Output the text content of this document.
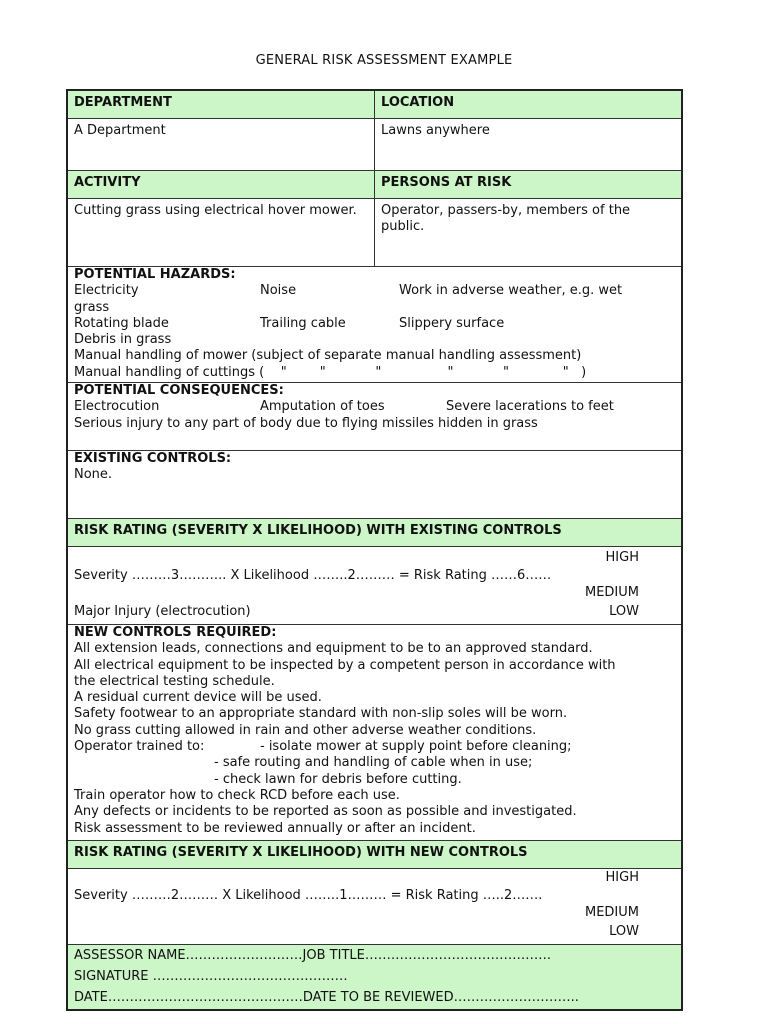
GENERAL RISK ASSESSMENT EXAMPLE
DEPARTMENT	LOCATION
A Department	Lawns anywhere
ACTIVITY	PERSONS AT RISK
Cutting grass using electrical hover mower.	Operator, passers-by, members of the public.
POTENTIAL HAZARDS:
Electricity	Noise	Work in adverse weather, e.g. wet
grass
Rotating blade	Trailing cable	Slippery surface
Debris in grass
Manual handling of mower (subject of separate manual handling assessment)
Manual handling of cuttings (    "        "            "                "            "             "   )
POTENTIAL CONSEQUENCES:
Electrocution	Amputation of toes	Severe lacerations to feet
Serious injury to any part of body due to flying missiles hidden in grass
EXISTING CONTROLS:
None.
RISK RATING (SEVERITY X LIKELIHOOD) WITH EXISTING CONTROLS
HIGH
Severity ………3……….. X Likelihood ……..2……… = Risk Rating ……6……
MEDIUM
Major Injury (electrocution)	LOW
NEW CONTROLS REQUIRED:
All extension leads, connections and equipment to be to an approved standard.
All electrical equipment to be inspected by a competent person in accordance with
the electrical testing schedule.
A residual current device will be used.
Safety footwear to an appropriate standard with non-slip soles will be worn.
No grass cutting allowed in rain and other adverse weather conditions.
Operator trained to:	- isolate mower at supply point before cleaning;
- safe routing and handling of cable when in use;
- check lawn for debris before cutting.
Train operator how to check RCD before each use.
Any defects or incidents to be reported as soon as possible and investigated.
Risk assessment to be reviewed annually or after an incident.
RISK RATING (SEVERITY X LIKELIHOOD) WITH NEW CONTROLS
HIGH
Severity ………2……… X Likelihood ……..1……… = Risk Rating …..2…….
MEDIUM
LOW
ASSESSOR NAME………………………JOB TITLE…………………………………….
SIGNATURE ………………………………………
DATE………………………………………DATE TO BE REVIEWED………………………..
